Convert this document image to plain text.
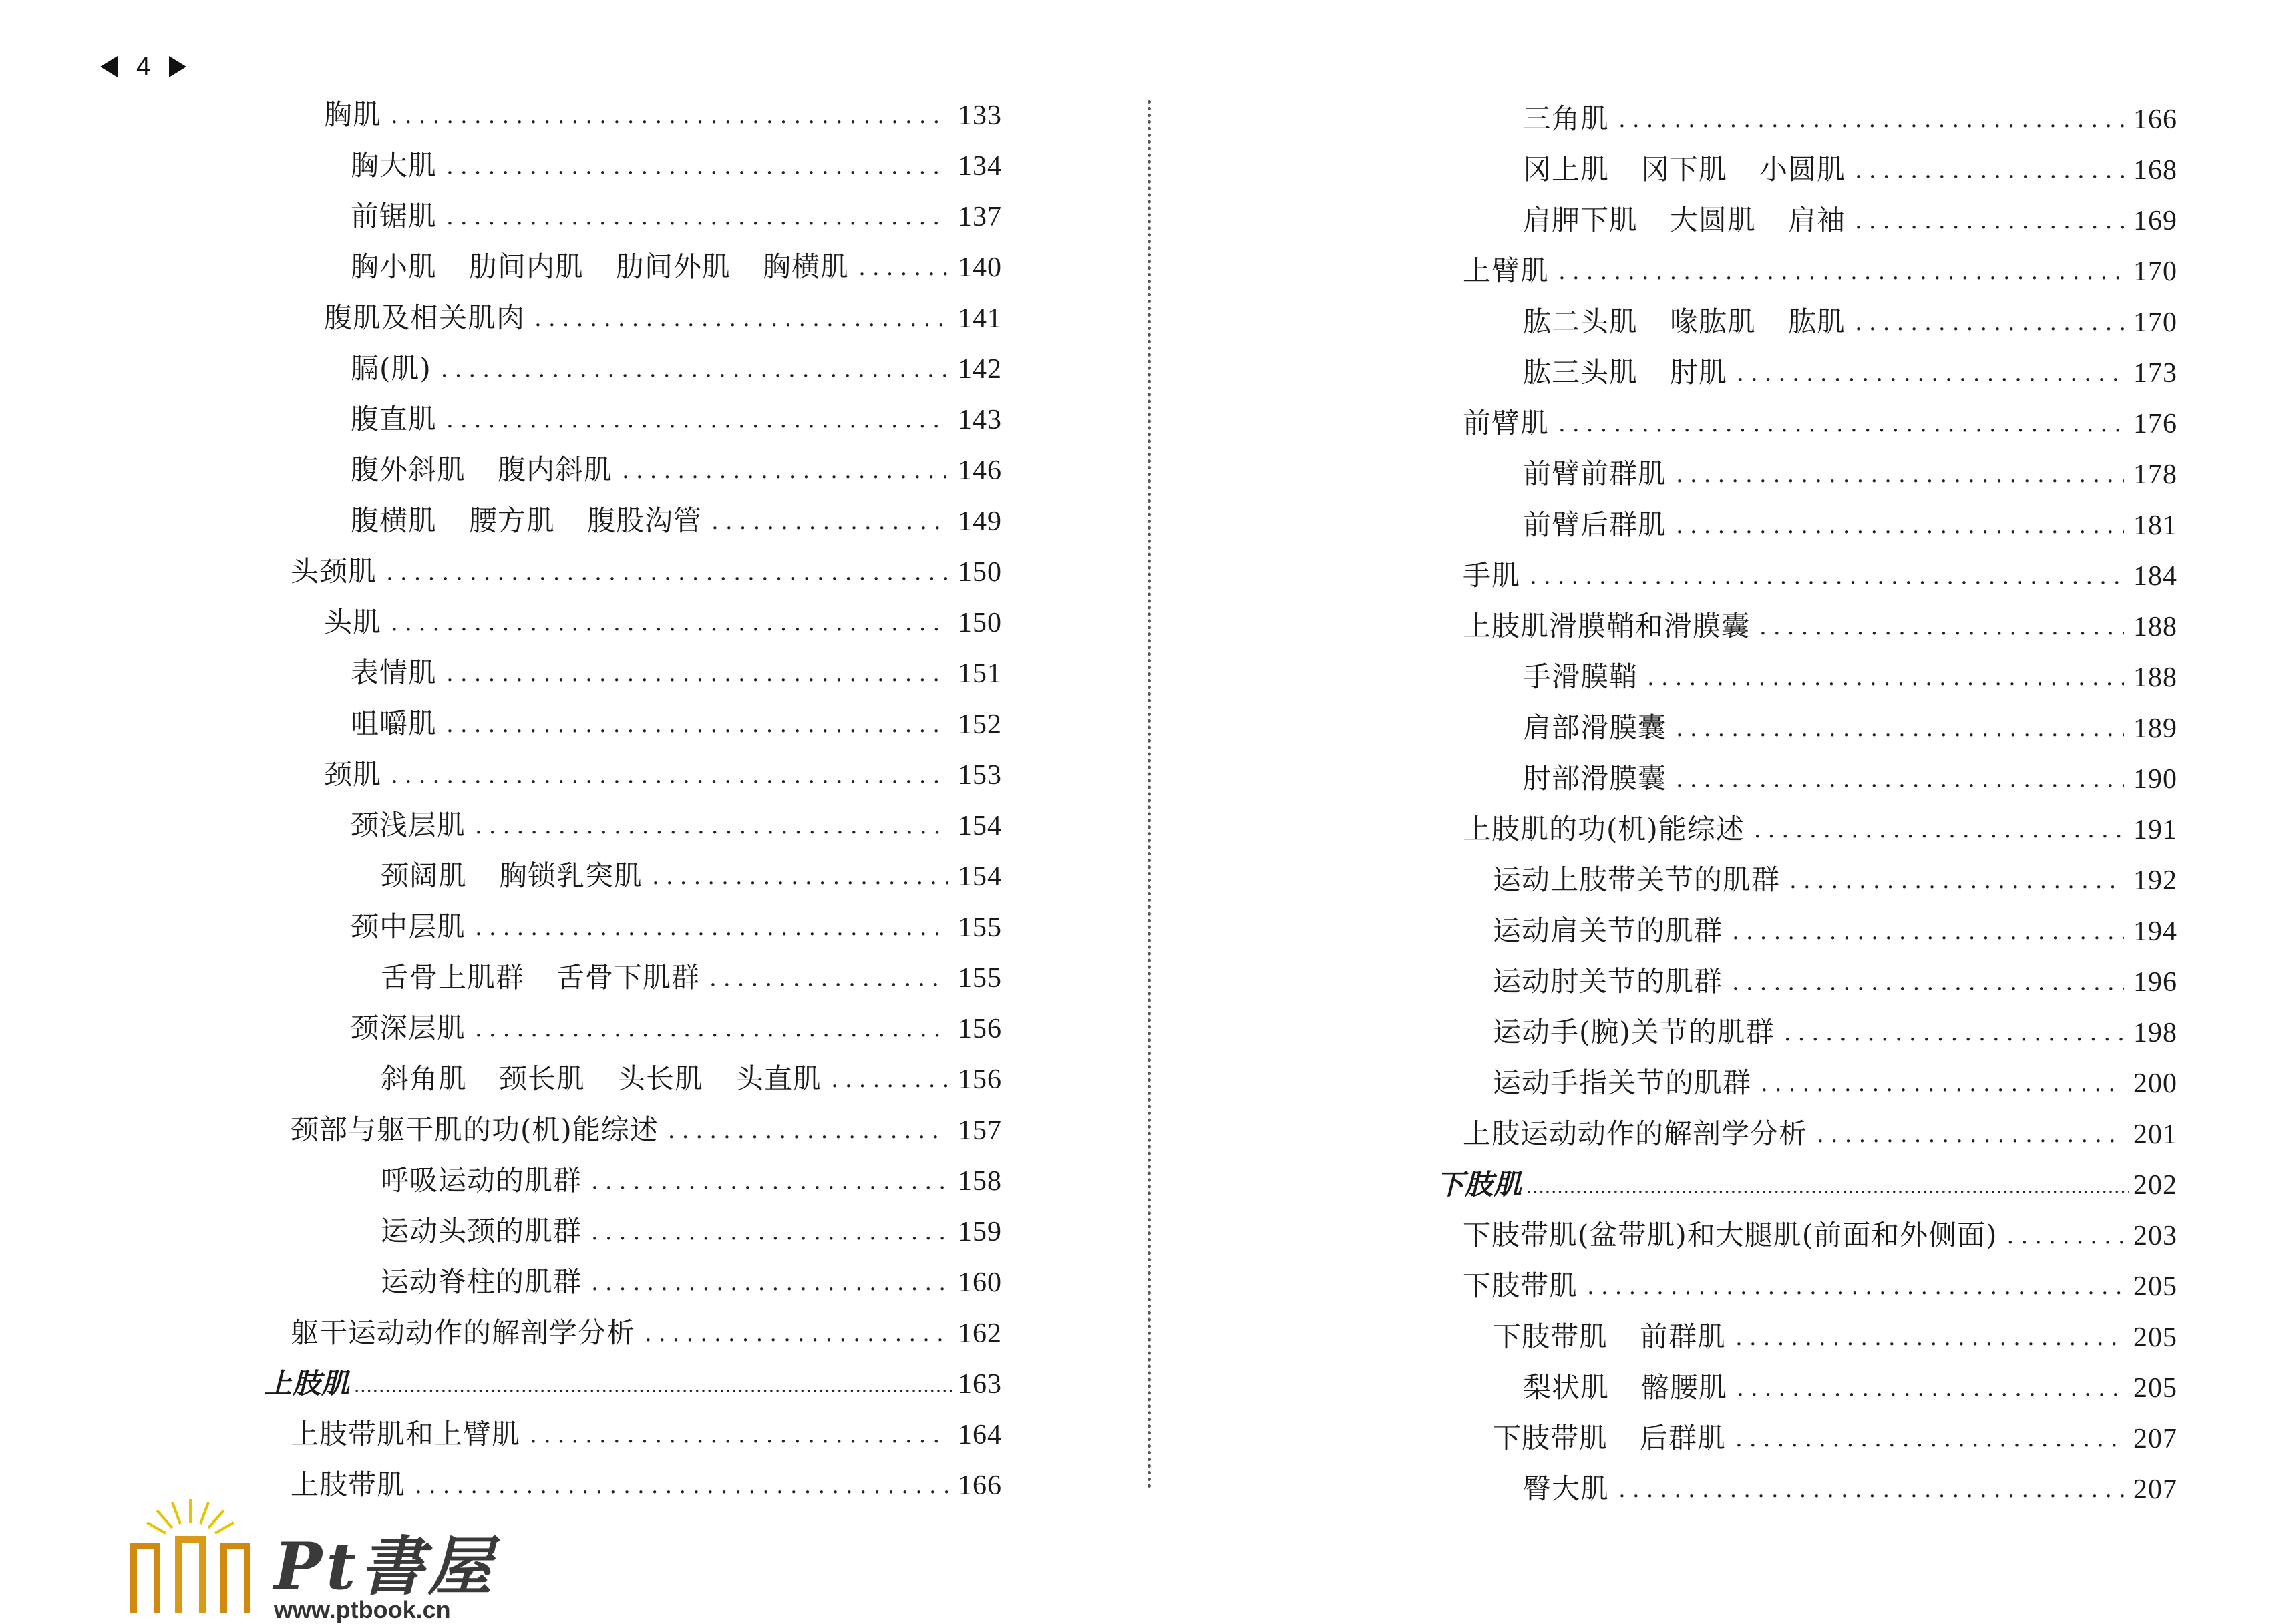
4
胸肌 .....	133
胸大肌 .....	134
前锯肌 .....	137
胸小肌 肋间内肌 肋间外肌 胸横肌 .....	140
腹肌及相关肌肉 .....	141
膈(肌) .....	142
腹直肌 .....	143
腹外斜肌 腹内斜肌 .....	146
腹横肌 腰方肌 腹股沟管 .....	149
头颈肌 .....	150
头肌 .....	150
表情肌 .....	151
咀嚼肌 .....	152
颈肌 .....	153
颈浅层肌 .....	154
颈阔肌 胸锁乳突肌 .....	154
颈中层肌 .....	155
舌骨上肌群 舌骨下肌群 .....	155
颈深层肌 .....	156
斜角肌 颈长肌 头长肌 头直肌 .....	156
颈部与躯干肌的功(机)能综述 .....	157
呼吸运动的肌群 .....	158
运动头颈的肌群 .....	159
运动脊柱的肌群 .....	160
躯干运动动作的解剖学分析 .....	162
上肢肌 .....	163
上肢带肌和上臂肌 .....	164
上肢带肌 .....	166
三角肌 .....	166
冈上肌 冈下肌 小圆肌 .....	168
肩胛下肌 大圆肌 肩袖 .....	169
上臂肌 .....	170
肱二头肌 喙肱肌 肱肌 .....	170
肱三头肌 肘肌 .....	173
前臂肌 .....	176
前臂前群肌 .....	178
前臂后群肌 .....	181
手肌 .....	184
上肢肌滑膜鞘和滑膜囊 .....	188
手滑膜鞘 .....	188
肩部滑膜囊 .....	189
肘部滑膜囊 .....	190
上肢肌的功(机)能综述 .....	191
运动上肢带关节的肌群 .....	192
运动肩关节的肌群 .....	194
运动肘关节的肌群 .....	196
运动手(腕)关节的肌群 .....	198
运动手指关节的肌群 .....	200
上肢运动动作的解剖学分析 .....	201
下肢肌 .....	202
下肢带肌(盆带肌)和大腿肌(前面和外侧面) .....	203
下肢带肌 .....	205
下肢带肌 前群肌 .....	205
梨状肌 髂腰肌 .....	205
下肢带肌 后群肌 .....	207
臀大肌 .....	207
Pt書屋
www.ptbook.cn
